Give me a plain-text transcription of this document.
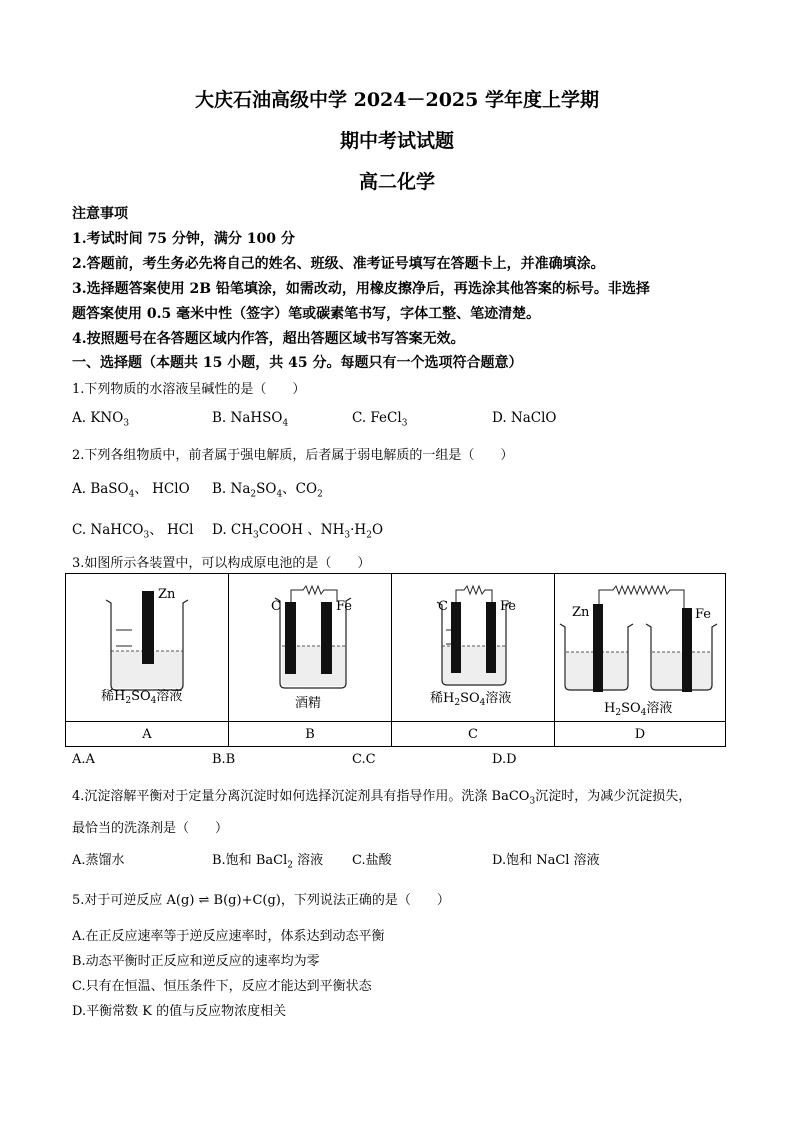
大庆石油高级中学 2024－2025 学年度上学期
期中考试试题
高二化学
注意事项
1.考试时间 75 分钟，满分 100 分
2.答题前，考生务必先将自己的姓名、班级、准考证号填写在答题卡上，并准确填涂。
3.选择题答案使用 2B 铅笔填涂，如需改动，用橡皮擦净后，再选涂其他答案的标号。非选择
题答案使用 0.5 毫米中性（签字）笔或碳素笔书写，字体工整、笔迹清楚。
4.按照题号在各答题区域内作答，超出答题区域书写答案无效。
一、选择题（本题共 15 小题，共 45 分。每题只有一个选项符合题意）
1.下列物质的水溶液呈碱性的是（　　）
A. $KNO_3$	B. NaHSO$_4$	C. FeCl$_3$	D. NaClO
2.下列各组物质中，前者属于强电解质，后者属于弱电解质的一组是（　　）
A. BaSO$_4$、 HClO B. $Na_2SO_4$、$CO_2$
C. NaHCO$_3$、 HCl D. $CH_3COOH$ 、$NH_3\cdot H_2O$
3.如图所示各装置中，可以构成原电池的是（　　）
Zn
稀$H_2SO_4$溶液	C Fe
酒精	C Fe
稀$H_2SO_4$溶液	Zn Fe
$H_2SO_4$溶液

A	B	C	D
A.A	B.B	C.C	D.D
4.沉淀溶解平衡对于定量分离沉淀时如何选择沉淀剂具有指导作用。洗涤 BaCO$_3$沉淀时，为减少沉淀损失，
最恰当的洗涤剂是（　　）
A.蒸馏水	B.饱和 BaCl$_2$ 溶液 C.盐酸	D.饱和 NaCl 溶液
5.对于可逆反应 A(g) ⇌ B(g)+C(g)，下列说法正确的是（　　）
A.在正反应速率等于逆反应速率时，体系达到动态平衡
B.动态平衡时正反应和逆反应的速率均为零
C.只有在恒温、恒压条件下，反应才能达到平衡状态
D.平衡常数 K 的值与反应物浓度相关
